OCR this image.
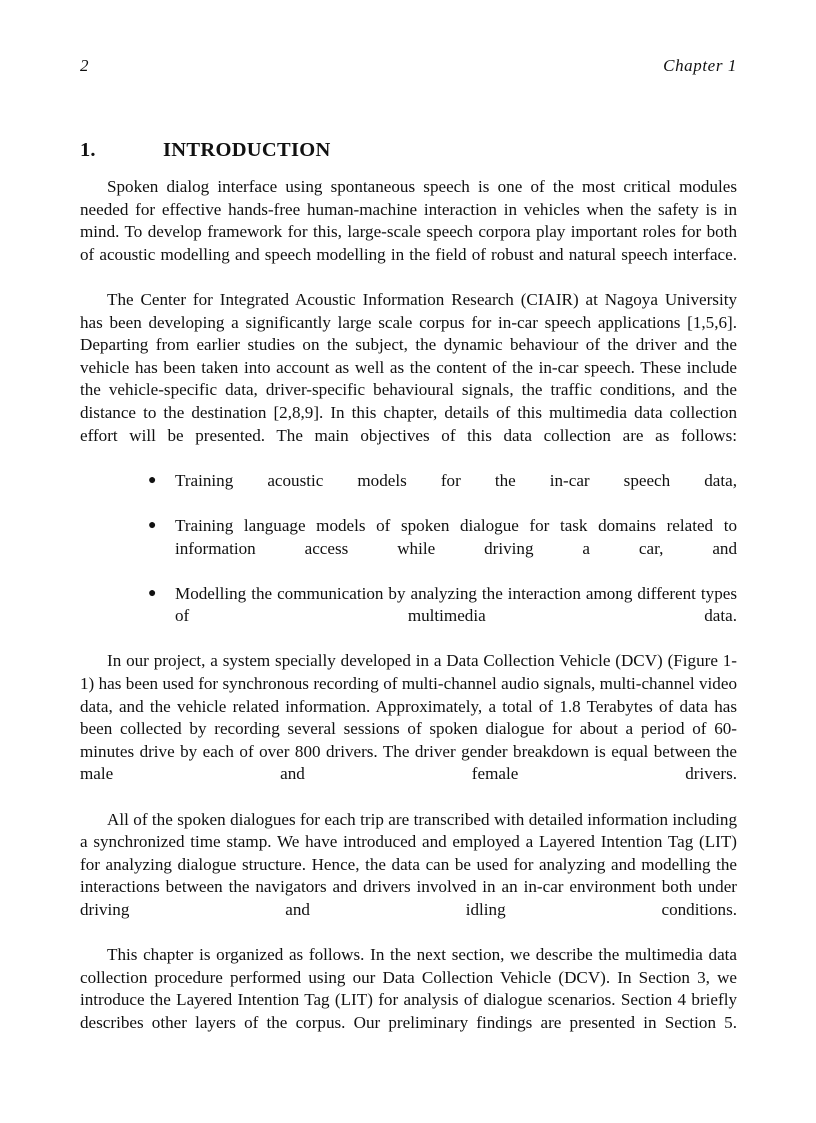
2	Chapter 1
1.	INTRODUCTION

Spoken dialog interface using spontaneous speech is one of the most critical modules needed for effective hands-free human-machine interaction in vehicles when the safety is in mind. To develop framework for this, large-scale speech corpora play important roles for both of acoustic modelling and speech modelling in the field of robust and natural speech interface.

The Center for Integrated Acoustic Information Research (CIAIR) at Nagoya University has been developing a significantly large scale corpus for in-car speech applications [1,5,6]. Departing from earlier studies on the subject, the dynamic behaviour of the driver and the vehicle has been taken into account as well as the content of the in-car speech. These include the vehicle-specific data, driver-specific behavioural signals, the traffic conditions, and the distance to the destination [2,8,9]. In this chapter, details of this multimedia data collection effort will be presented. The main objectives of this data collection are as follows:

● Training acoustic models for the in-car speech data,
● Training language models of spoken dialogue for task domains related to information access while driving a car, and
● Modelling the communication by analyzing the interaction among different types of multimedia data.

In our project, a system specially developed in a Data Collection Vehicle (DCV) (Figure 1-1) has been used for synchronous recording of multi-channel audio signals, multi-channel video data, and the vehicle related information. Approximately, a total of 1.8 Terabytes of data has been collected by recording several sessions of spoken dialogue for about a period of 60-minutes drive by each of over 800 drivers. The driver gender breakdown is equal between the male and female drivers.

All of the spoken dialogues for each trip are transcribed with detailed information including a synchronized time stamp. We have introduced and employed a Layered Intention Tag (LIT) for analyzing dialogue structure. Hence, the data can be used for analyzing and modelling the interactions between the navigators and drivers involved in an in-car environment both under driving and idling conditions.

This chapter is organized as follows. In the next section, we describe the multimedia data collection procedure performed using our Data Collection Vehicle (DCV). In Section 3, we introduce the Layered Intention Tag (LIT) for analysis of dialogue scenarios. Section 4 briefly describes other layers of the corpus. Our preliminary findings are presented in Section 5.
